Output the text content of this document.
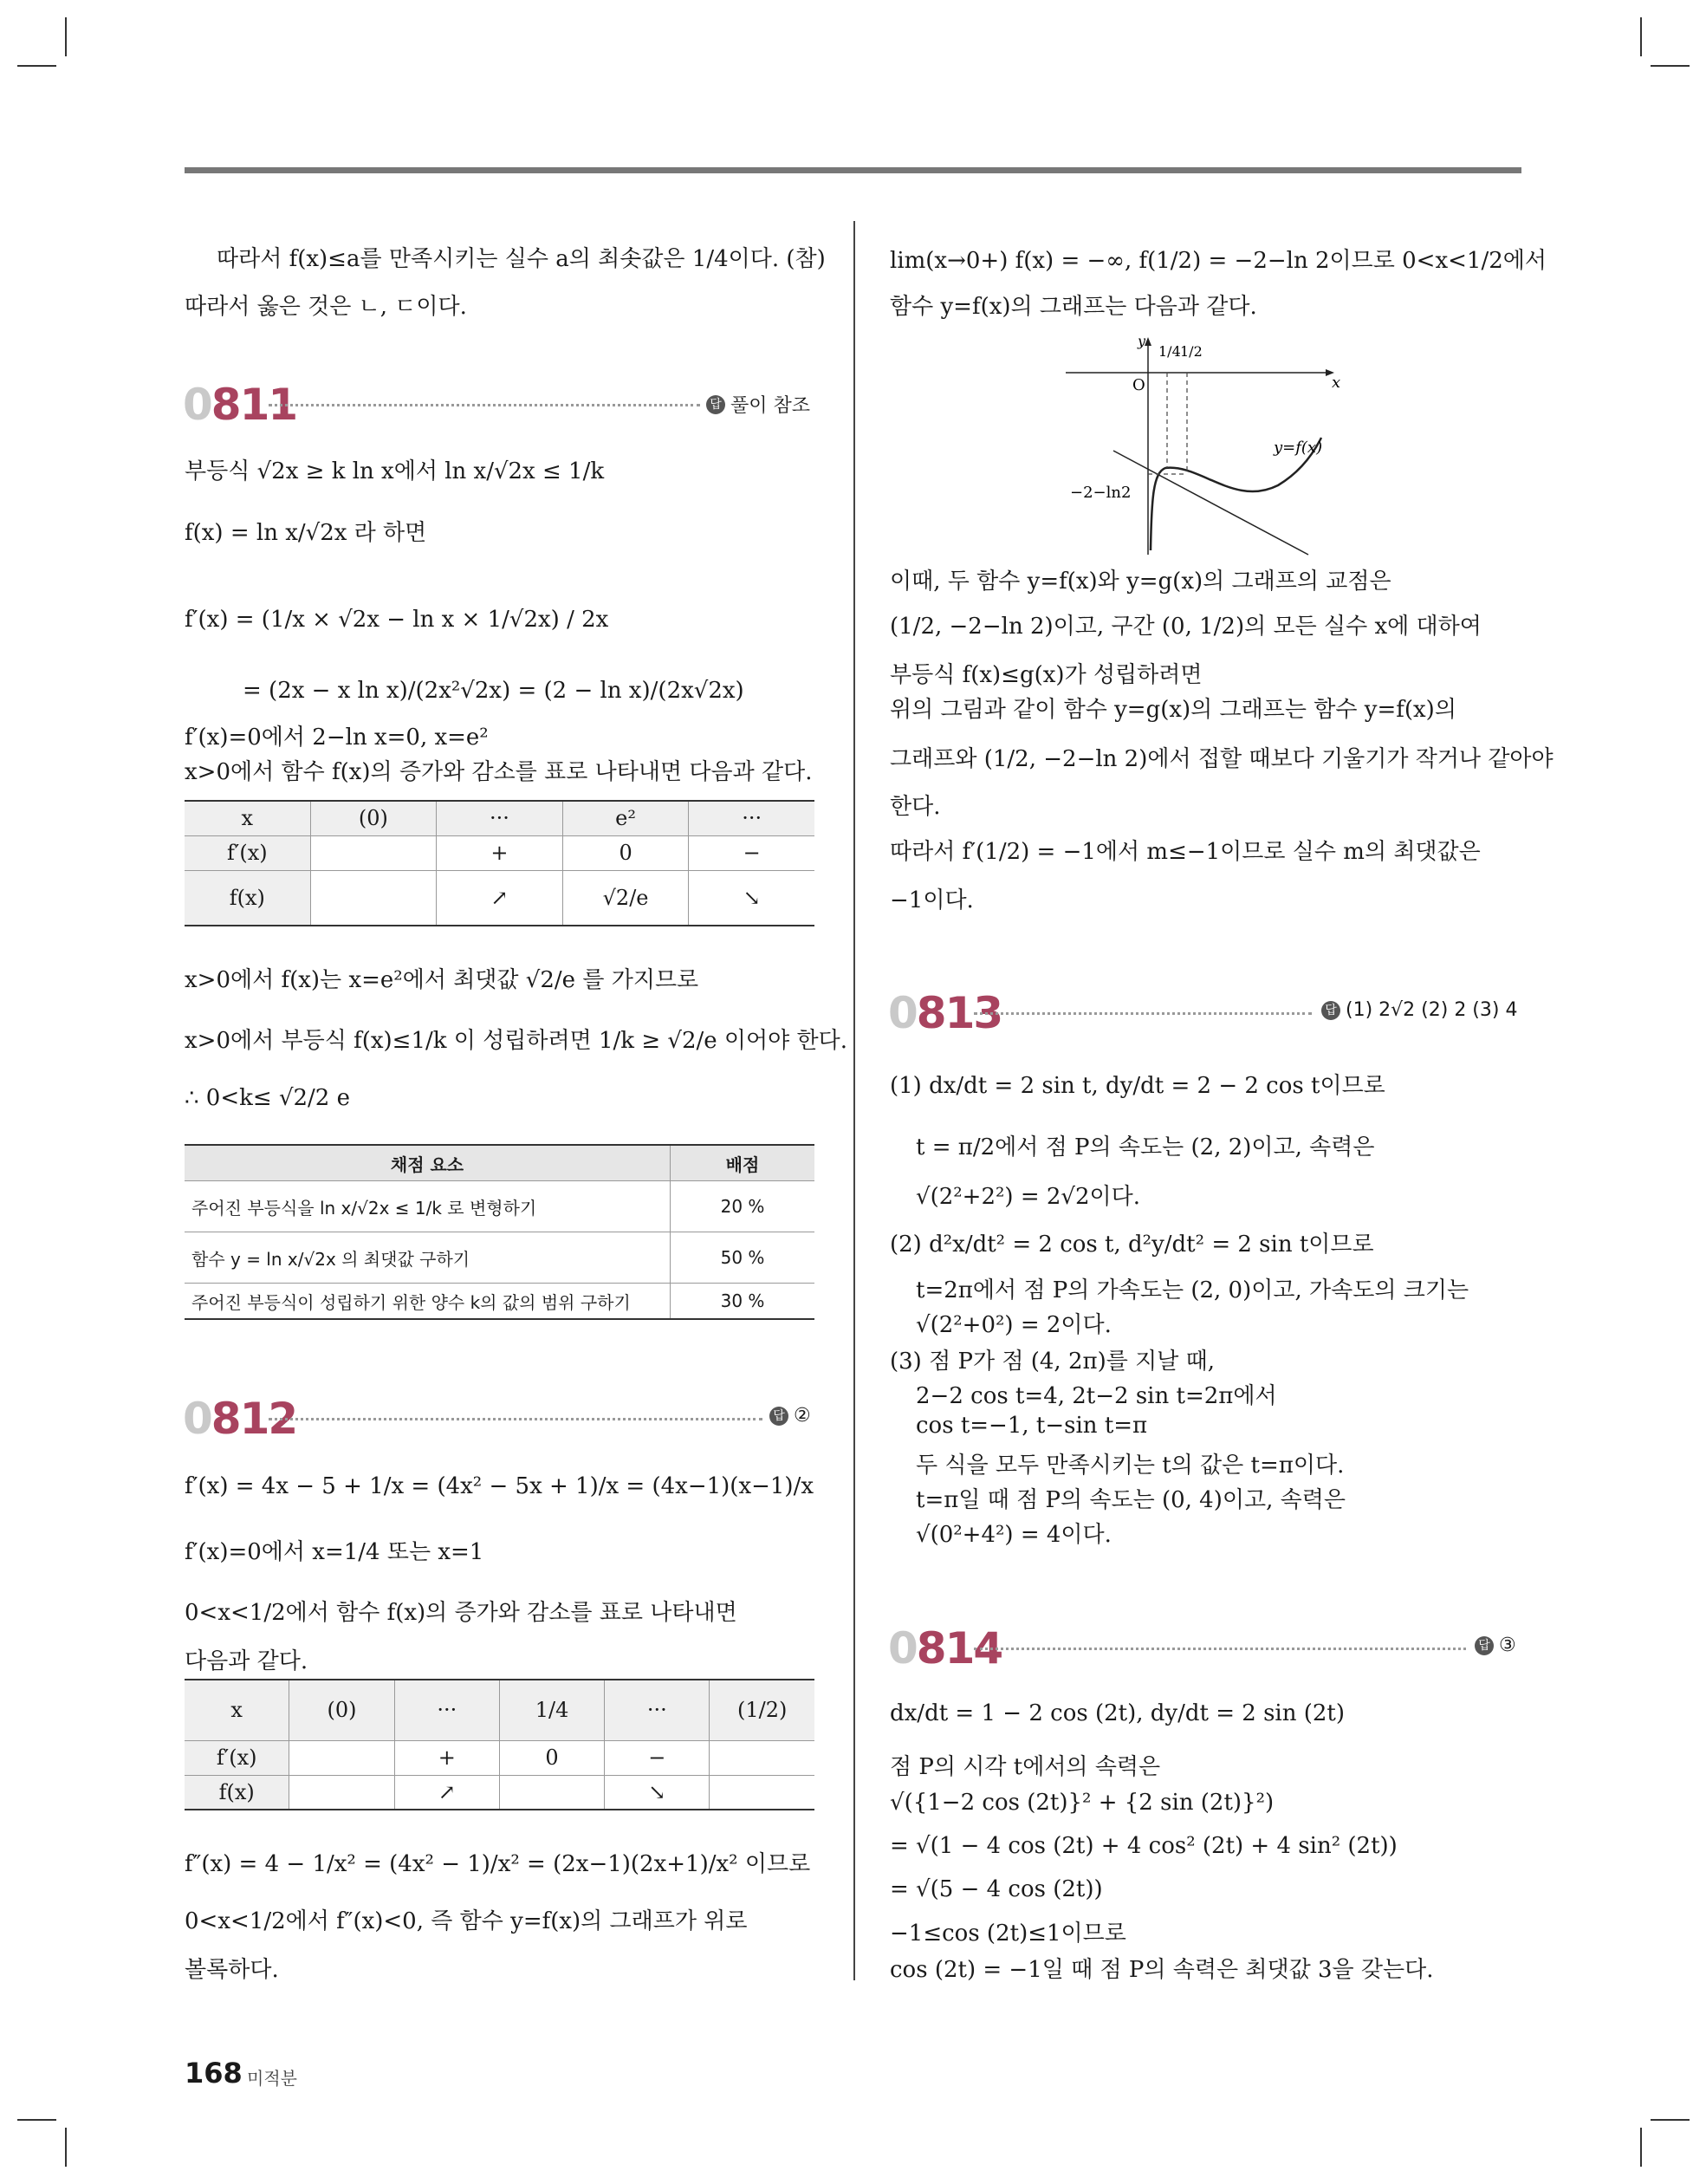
따라서 f(x)≤a를 만족시키는 실수 a의 최솟값은 1/4이다. (참)
따라서 옳은 것은 ㄴ, ㄷ이다.
0811	답 풀이 참조
부등식 √2x ≥ k ln x에서 ln x/√2x ≤ 1/k
f(x) = ln x/√2x 라 하면
f′(x) = (1/x × √2x − ln x × 1/√2x) / 2x
= (2x − x ln x)/(2x²√2x) = (2 − ln x)/(2x√2x)
f′(x)=0에서 2−ln x=0, x=e²
x>0에서 함수 f(x)의 증가와 감소를 표로 나타내면 다음과 같다.
x	(0)	···	e²	···
f′(x)		+	0	−
f(x)		↗	√2/e	↘
x>0에서 f(x)는 x=e²에서 최댓값 √2/e 를 가지므로
x>0에서 부등식 f(x)≤1/k 이 성립하려면 1/k ≥ √2/e 이어야 한다.
∴ 0<k≤ √2/2 e
채점 요소	배점
주어진 부등식을 ln x/√2x ≤ 1/k 로 변형하기	20 %
함수 y = ln x/√2x 의 최댓값 구하기	50 %
주어진 부등식이 성립하기 위한 양수 k의 값의 범위 구하기	30 %
0812	답 ②
f′(x) = 4x − 5 + 1/x = (4x² − 5x + 1)/x = (4x−1)(x−1)/x
f′(x)=0에서 x=1/4 또는 x=1
0<x<1/2에서 함수 f(x)의 증가와 감소를 표로 나타내면
다음과 같다.
x	(0)	···	1/4	···	(1/2)
f′(x)		+	0	−	
f(x)		↗		↘	
f″(x) = 4 − 1/x² = (4x² − 1)/x² = (2x−1)(2x+1)/x² 이므로
0<x<1/2에서 f″(x)<0, 즉 함수 y=f(x)의 그래프가 위로
볼록하다.
lim(x→0+) f(x) = −∞, f(1/2) = −2−ln 2이므로 0<x<1/2에서
함수 y=f(x)의 그래프는 다음과 같다.
y
x
O
1/4 1/2
−2−ln2
y=f(x)
이때, 두 함수 y=f(x)와 y=g(x)의 그래프의 교점은
(1/2, −2−ln 2)이고, 구간 (0, 1/2)의 모든 실수 x에 대하여
부등식 f(x)≤g(x)가 성립하려면
위의 그림과 같이 함수 y=g(x)의 그래프는 함수 y=f(x)의
그래프와 (1/2, −2−ln 2)에서 접할 때보다 기울기가 작거나 같아야
한다.
따라서 f′(1/2) = −1에서 m≤−1이므로 실수 m의 최댓값은
−1이다.
0813	답 (1) 2√2 (2) 2 (3) 4
(1) dx/dt = 2 sin t, dy/dt = 2 − 2 cos t이므로
t = π/2에서 점 P의 속도는 (2, 2)이고, 속력은
√(2²+2²) = 2√2이다.
(2) d²x/dt² = 2 cos t, d²y/dt² = 2 sin t이므로
t=2π에서 점 P의 가속도는 (2, 0)이고, 가속도의 크기는
√(2²+0²) = 2이다.
(3) 점 P가 점 (4, 2π)를 지날 때,
2−2 cos t=4, 2t−2 sin t=2π에서
cos t=−1, t−sin t=π
두 식을 모두 만족시키는 t의 값은 t=π이다.
t=π일 때 점 P의 속도는 (0, 4)이고, 속력은
√(0²+4²) = 4이다.
0814	답 ③
dx/dt = 1 − 2 cos (2t), dy/dt = 2 sin (2t)
점 P의 시각 t에서의 속력은
√({1−2 cos (2t)}² + {2 sin (2t)}²)
= √(1 − 4 cos (2t) + 4 cos² (2t) + 4 sin² (2t))
= √(5 − 4 cos (2t))
−1≤cos (2t)≤1이므로
cos (2t) = −1일 때 점 P의 속력은 최댓값 3을 갖는다.
168 미적분
